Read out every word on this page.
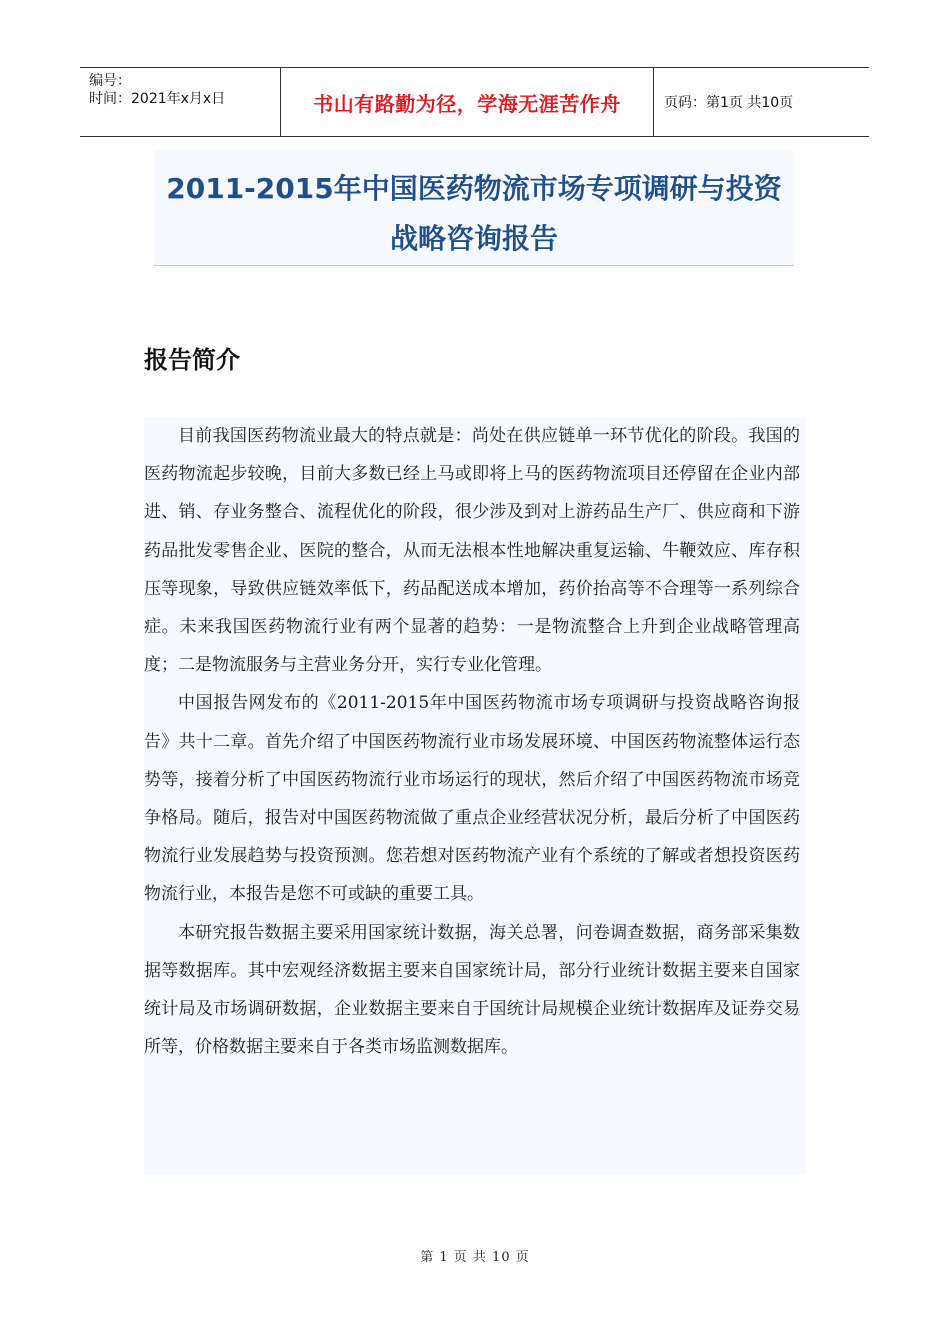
编号：
时间：2021年x月x日	书山有路勤为径，学海无涯苦作舟	页码：第1页 共10页
2011-2015年中国医药物流市场专项调研与投资战略咨询报告
报告简介

目前我国医药物流业最大的特点就是：尚处在供应链单一环节优化的阶段。我国的医药物流起步较晚，目前大多数已经上马或即将上马的医药物流项目还停留在企业内部进、销、存业务整合、流程优化的阶段，很少涉及到对上游药品生产厂、供应商和下游药品批发零售企业、医院的整合，从而无法根本性地解决重复运输、牛鞭效应、库存积压等现象，导致供应链效率低下，药品配送成本增加，药价抬高等不合理等一系列综合症。未来我国医药物流行业有两个显著的趋势：一是物流整合上升到企业战略管理高度；二是物流服务与主营业务分开，实行专业化管理。

中国报告网发布的《2011-2015年中国医药物流市场专项调研与投资战略咨询报告》共十二章。首先介绍了中国医药物流行业市场发展环境、中国医药物流整体运行态势等，接着分析了中国医药物流行业市场运行的现状，然后介绍了中国医药物流市场竞争格局。随后，报告对中国医药物流做了重点企业经营状况分析，最后分析了中国医药物流行业发展趋势与投资预测。您若想对医药物流产业有个系统的了解或者想投资医药物流行业，本报告是您不可或缺的重要工具。

本研究报告数据主要采用国家统计数据，海关总署，问卷调查数据，商务部采集数据等数据库。其中宏观经济数据主要来自国家统计局，部分行业统计数据主要来自国家统计局及市场调研数据，企业数据主要来自于国统计局规模企业统计数据库及证券交易所等，价格数据主要来自于各类市场监测数据库。

第 1 页 共 10 页
